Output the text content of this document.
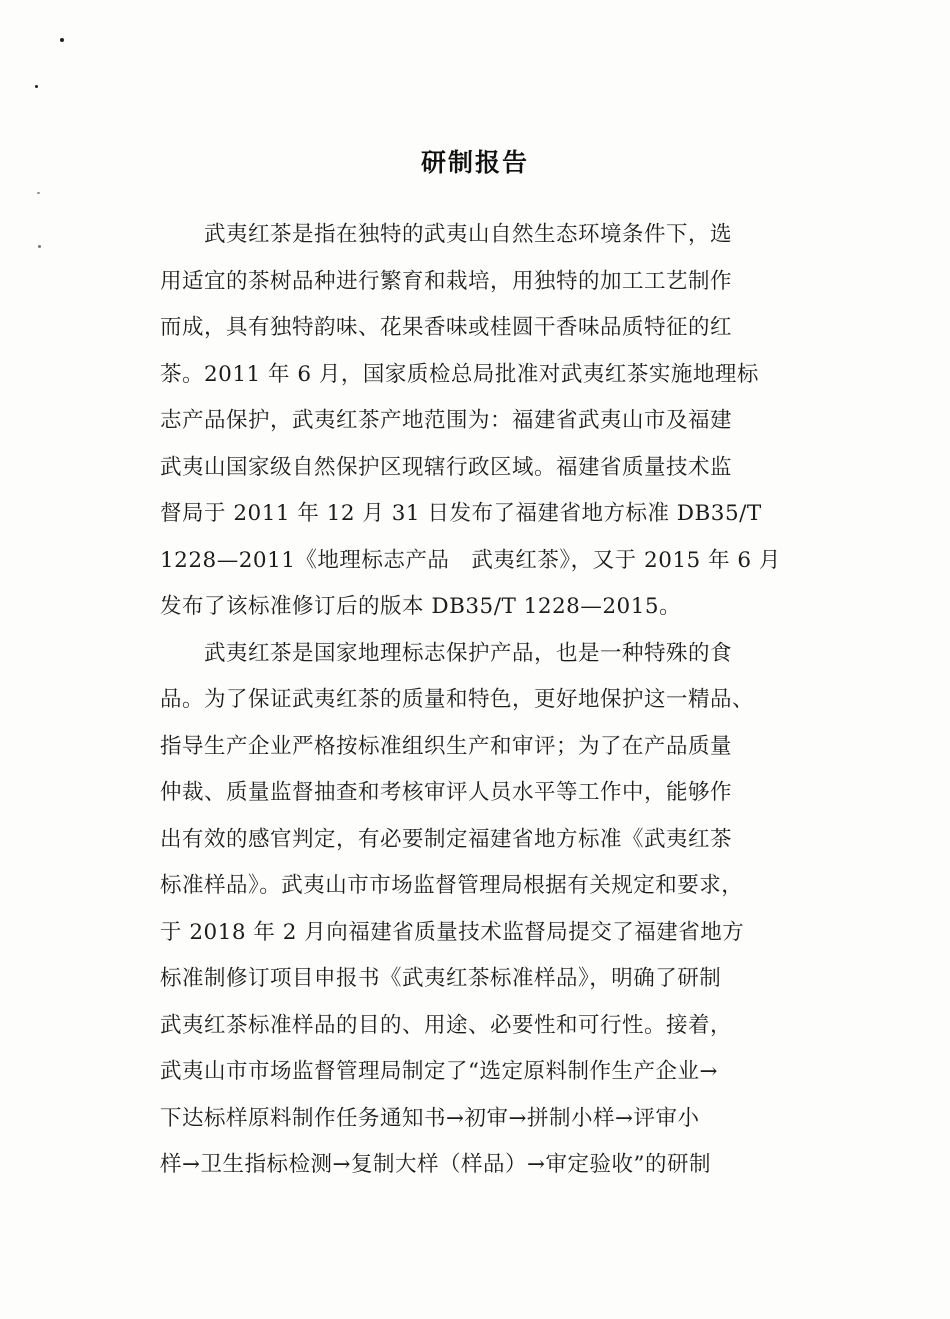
研制报告
　　武夷红茶是指在独特的武夷山自然生态环境条件下，选
用适宜的茶树品种进行繁育和栽培，用独特的加工工艺制作
而成，具有独特韵味、花果香味或桂圆干香味品质特征的红
茶。2011 年 6 月，国家质检总局批准对武夷红茶实施地理标
志产品保护，武夷红茶产地范围为：福建省武夷山市及福建
武夷山国家级自然保护区现辖行政区域。福建省质量技术监
督局于 2011 年 12 月 31 日发布了福建省地方标准 DB35/T
1228—2011《地理标志产品　武夷红茶》，又于 2015 年 6 月
发布了该标准修订后的版本 DB35/T 1228—2015。
　　武夷红茶是国家地理标志保护产品，也是一种特殊的食
品。为了保证武夷红茶的质量和特色，更好地保护这一精品、
指导生产企业严格按标准组织生产和审评；为了在产品质量
仲裁、质量监督抽查和考核审评人员水平等工作中，能够作
出有效的感官判定，有必要制定福建省地方标准《武夷红茶
标准样品》。武夷山市市场监督管理局根据有关规定和要求，
于 2018 年 2 月向福建省质量技术监督局提交了福建省地方
标准制修订项目申报书《武夷红茶标准样品》，明确了研制
武夷红茶标准样品的目的、用途、必要性和可行性。接着，
武夷山市市场监督管理局制定了“选定原料制作生产企业→
下达标样原料制作任务通知书→初审→拼制小样→评审小
样→卫生指标检测→复制大样（样品）→审定验收”的研制
